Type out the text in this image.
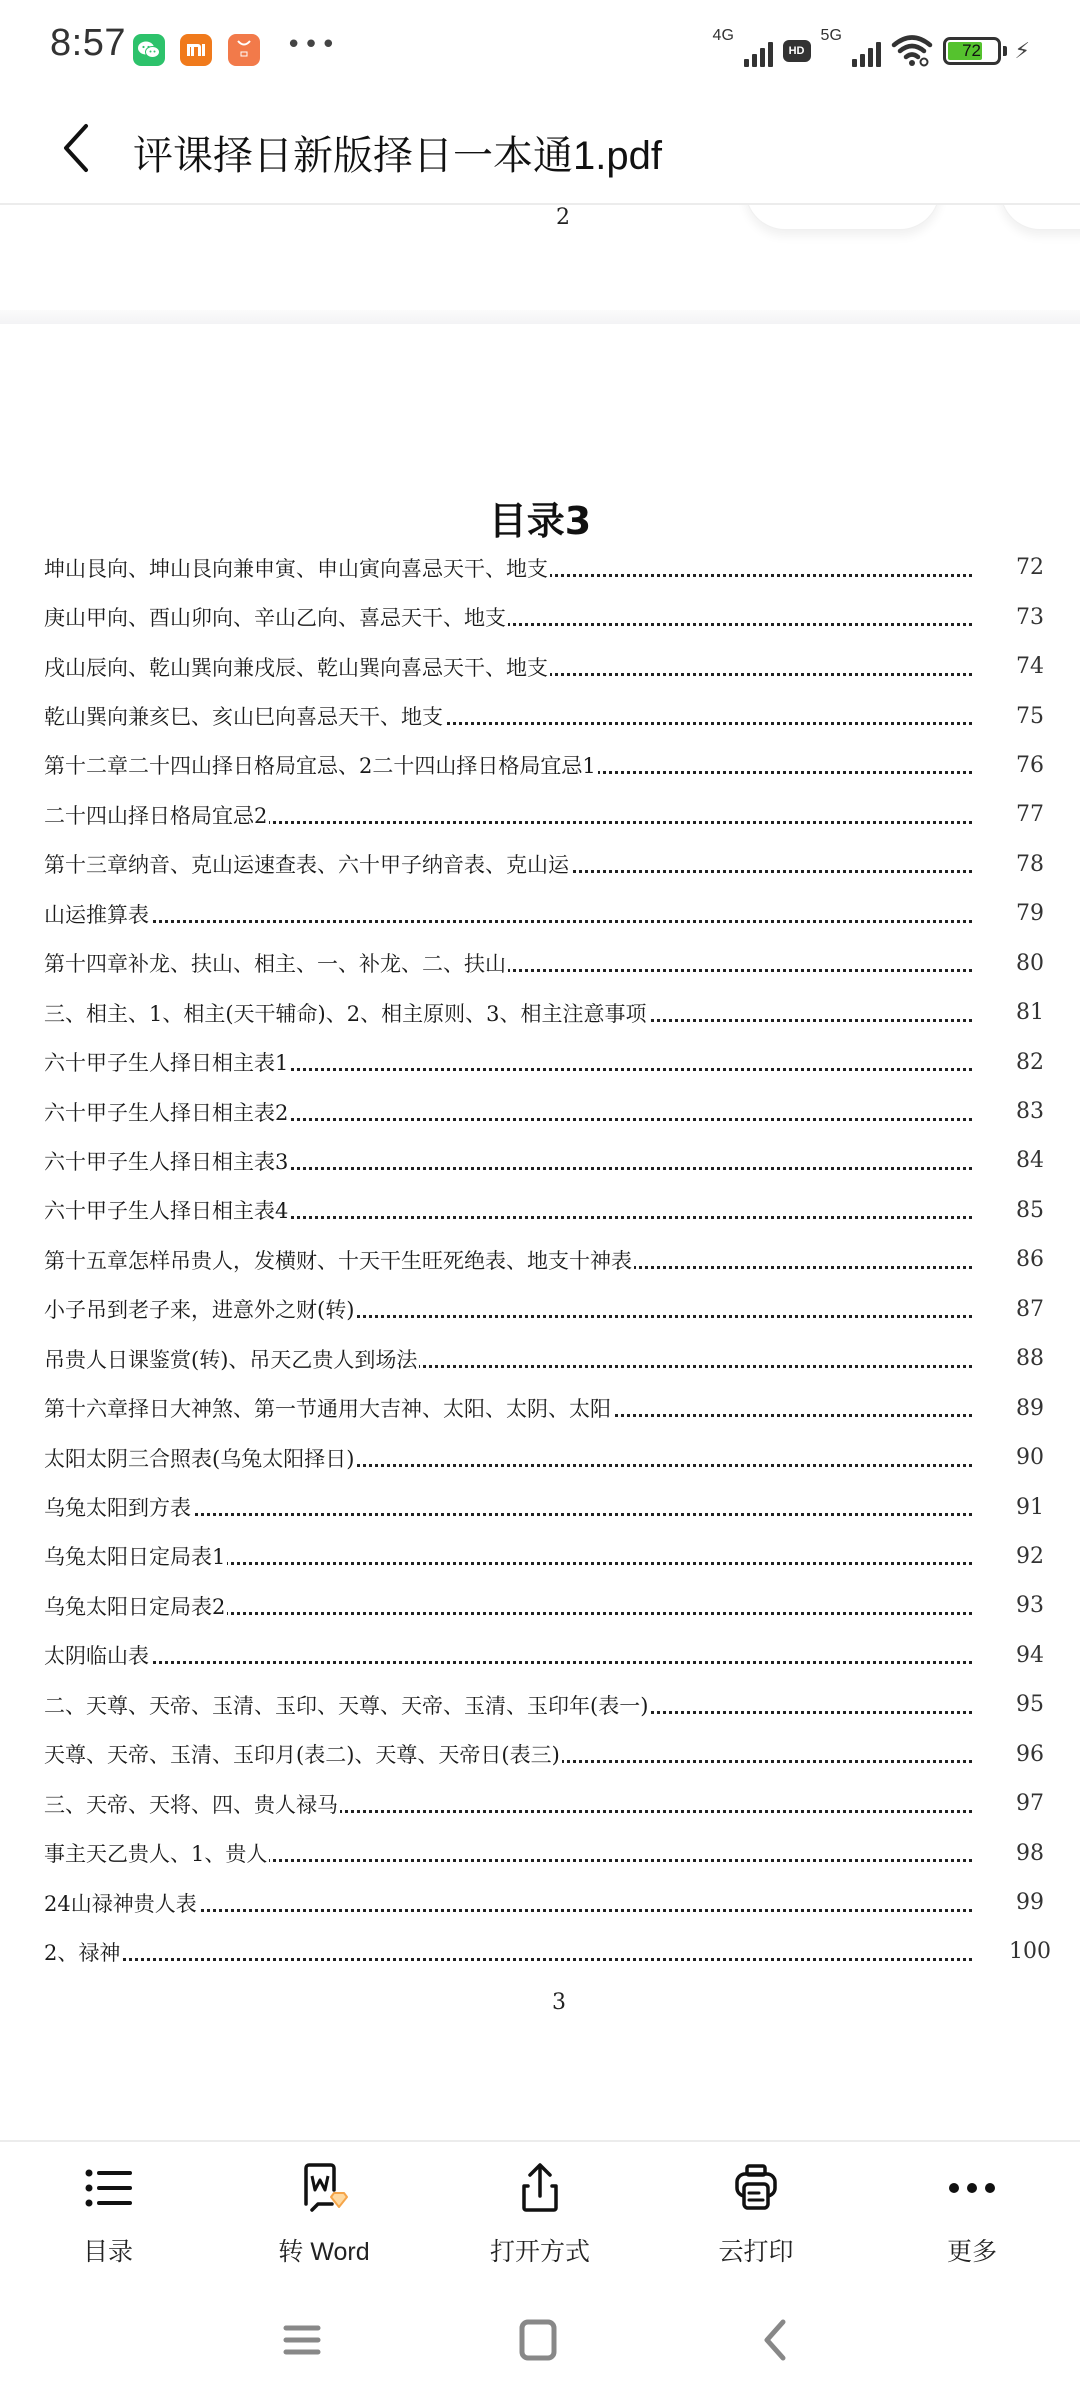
8:57	•••	4G
HD
5G
72	⚡
评课择日新版择日一本通1.pdf
2
目录3
坤山艮向、坤山艮向兼申寅、申山寅向喜忌天干、地支	72
庚山甲向、酉山卯向、辛山乙向、喜忌天干、地支	73
戌山辰向、乾山巽向兼戌辰、乾山巽向喜忌天干、地支	74
乾山巽向兼亥巳、亥山巳向喜忌天干、地支	75
第十二章二十四山择日格局宜忌、2二十四山择日格局宜忌1	76
二十四山择日格局宜忌2	77
第十三章纳音、克山运速查表、六十甲子纳音表、克山运	78
山运推算表	79
第十四章补龙、扶山、相主、一、补龙、二、扶山	80
三、相主、1、相主(天干辅命)、2、相主原则、3、相主注意事项	81
六十甲子生人择日相主表1	82
六十甲子生人择日相主表2	83
六十甲子生人择日相主表3	84
六十甲子生人择日相主表4	85
第十五章怎样吊贵人，发横财、十天干生旺死绝表、地支十神表	86
小子吊到老子来，进意外之财(转)	87
吊贵人日课鉴赏(转)、吊天乙贵人到场法	88
第十六章择日大神煞、第一节通用大吉神、太阳、太阴、太阳	89
太阳太阴三合照表(乌兔太阳择日)	90
乌兔太阳到方表	91
乌兔太阳日定局表1	92
乌兔太阳日定局表2	93
太阴临山表	94
二、天尊、天帝、玉清、玉印、天尊、天帝、玉清、玉印年(表一)	95
天尊、天帝、玉清、玉印月(表二)、天尊、天帝日(表三)	96
三、天帝、天将、四、贵人禄马	97
事主天乙贵人、1、贵人	98
24山禄神贵人表	99
2、禄神	100
3
目录	转 Word	打开方式	云打印	更多
